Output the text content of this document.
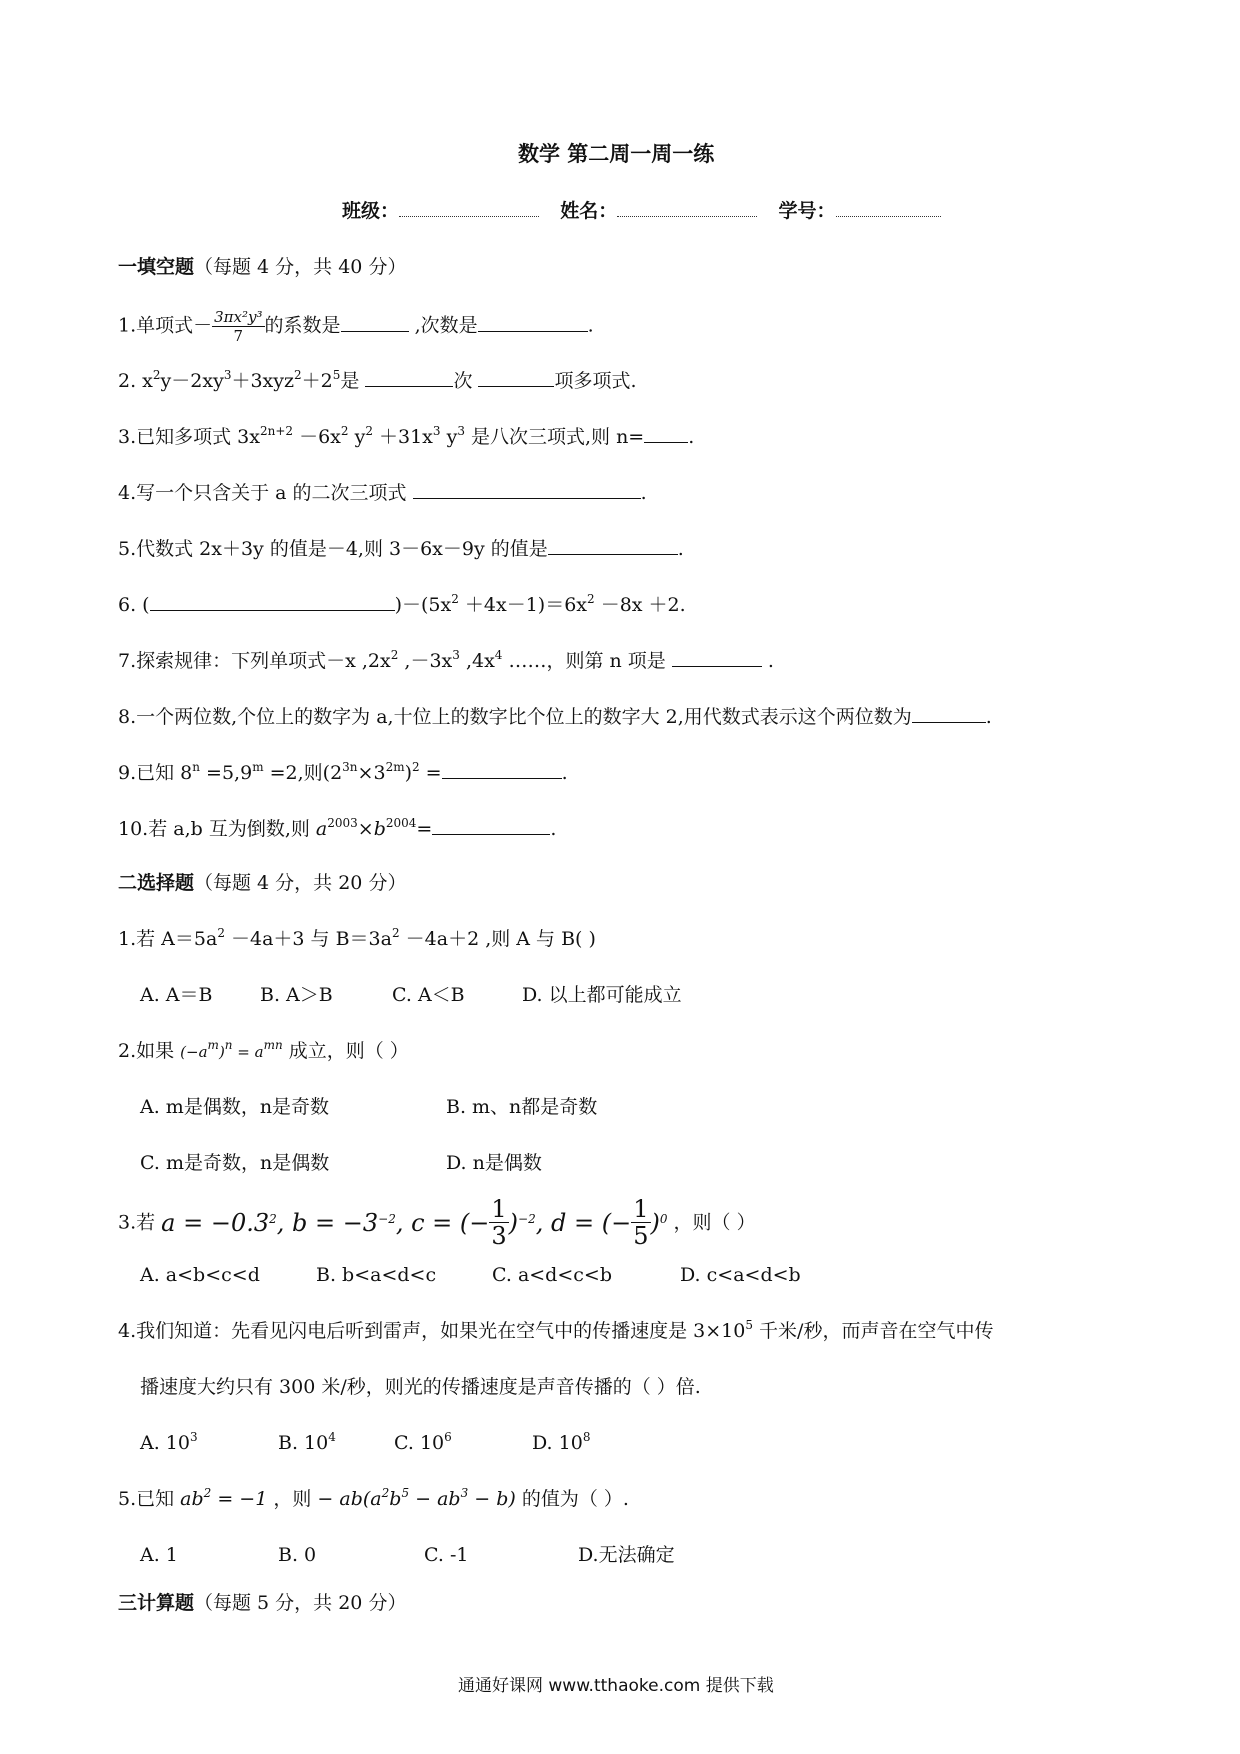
数学 第二周一周一练
班级：	姓名：	学号：
一填空题（每题 4 分，共 40 分）
1.单项式－ $\frac{\text{3πx²y³}}{7}$ 的系数是	,次数是	.
2. $x^2y-2xy^3+3xyz^2+2^5$是	次	项多项式.
3.已知多项式 $3x^{2n+2} -6x^2$ $y^2 +31x^3$ $y^3$ 是八次三项式,则 n= .
4.写一个只含关于 a 的二次三项式	.
5.代数式 2x＋3y 的值是－4,则 3－6x－9y 的值是	.
6. (	)$-(5x^2 +4x-1)=6x^2 -8x +2$.
7.探索规律：下列单项式－x $,2x^2$ $,-3x^3$ $,4x^4$ ……，则第 n 项是	.
8.一个两位数,个位上的数字为 a,十位上的数字比个位上的数字大 2,用代数式表示这个两位数为	.
9.已知 $8^n =5,9^m =2$,则$(2^{3n}\times 3^{2m})^2$ =	.
10.若 a,b 互为倒数,则 $a^{2003}\times b^{2004}=$	.
二选择题（每题 4 分，共 20 分）
1.若 $A=5a^2 -4a+3$ 与 $B=3a^2 -4a+2$ ,则 A 与 B( )
A. A＝B	B. A＞B	C. A＜B	D. 以上都可能成立
2.如果 $(-a^m)^n = a^{mn}$ 成立，则（ ）
A. m是偶数，n是奇数	B. m、n都是奇数
C. m是奇数，n是偶数	D. n是偶数
3.若 $a = -0.3^2$, $b = -3^{-2}$, c = (− $\frac{1}{3} )^{-2}$, d = (− $\frac{1}{5} )^0$ ，则（ ）
A. a<b<c<d	B. b<a<d<c	C. a<d<c<b	D. c<a<d<b
4.我们知道：先看见闪电后听到雷声，如果光在空气中的传播速度是 $3\times 10^5$ 千米/秒，而声音在空气中传
播速度大约只有 300 米/秒，则光的传播速度是声音传播的（ ）倍.
A. $10^3$	B. $10^4$	C. $10^6$	D. $10^8$
5.已知 $ab^2 = -1$ ，则 − $ab(a^2b^5 - ab^3 - b)$ 的值为（ ）.
A. 1	B. 0	C. -1	D.无法确定
三计算题（每题 5 分，共 20 分）
通通好课网 www.tthaoke.com 提供下载
